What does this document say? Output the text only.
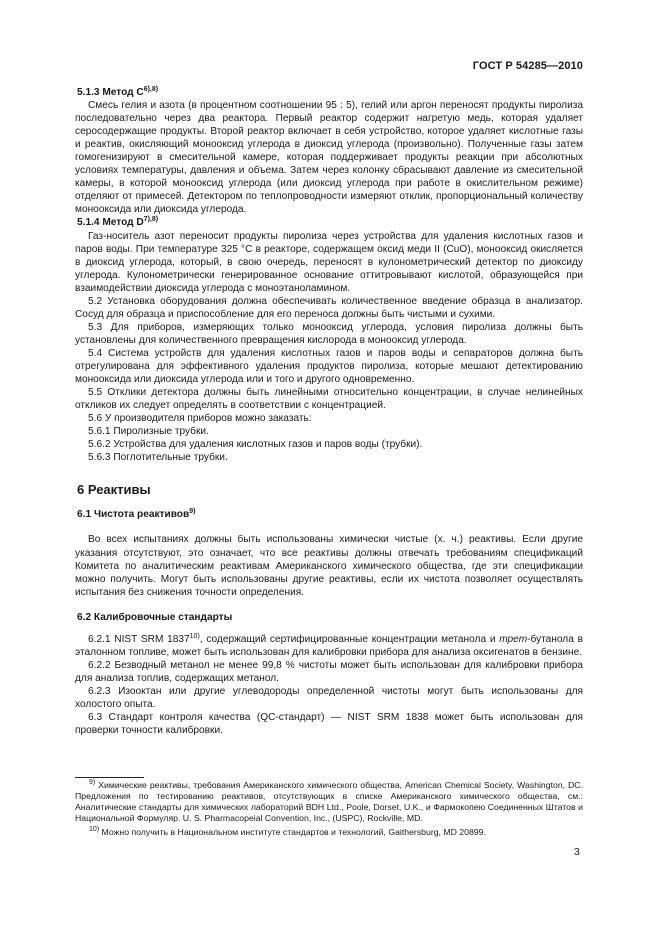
ГОСТ Р 54285—2010

5.1.3 Метод $С^{6),8)}$

Смесь гелия и азота (в процентном соотношении 95 : 5), гелий или аргон переносят продукты пиролиза последовательно через два реактора. Первый реактор содержит нагретую медь, которая удаляет серосодержащие продукты. Второй реактор включает в себя устройство, которое удаляет кислотные газы и реактив, окисляющий монооксид углерода в диоксид углерода (произвольно). Полученные газы затем гомогенизируют в смесительной камере, которая поддерживает продукты реакции при абсолютных условиях температуры, давления и объема. Затем через колонку сбрасывают давление из смесительной камеры, в которой монооксид углерода (или диоксид углерода при работе в окислительном режиме) отделяют от примесей. Детектором по теплопроводности измеряют отклик, пропорциональный количеству монооксида или диоксида углерода.

5.1.4 Метод $D^{7),8)}$

Газ-носитель азот переносит продукты пиролиза через устройства для удаления кислотных газов и паров воды. При температуре 325 °С в реакторе, содержащем оксид меди II (CuO), монооксид окисляется в диоксид углерода, который, в свою очередь, переносят в кулонометрический детектор по диоксиду углерода. Кулонометрически генерированное основание оттитровывают кислотой, образующейся при взаимодействии диоксида углерода с моноэтаноламином.

5.2 Установка оборудования должна обеспечивать количественное введение образца в анализатор. Сосуд для образца и приспособление для его переноса должны быть чистыми и сухими.

5.3 Для приборов, измеряющих только монооксид углерода, условия пиролиза должны быть установлены для количественного превращения кислорода в монооксид углерода.

5.4 Система устройств для удаления кислотных газов и паров воды и сепараторов должна быть отрегулирована для эффективного удаления продуктов пиролиза, которые мешают детектированию монооксида или диоксида углерода или и того и другого одновременно.

5.5 Отклики детектора должны быть линейными относительно концентрации, в случае нелинейных откликов их следует определять в соответствии с концентрацией.

5.6 У производителя приборов можно заказать:

5.6.1 Пиролизные трубки.

5.6.2 Устройства для удаления кислотных газов и паров воды (трубки).

5.6.3 Поглотительные трубки.

6 Реактивы

6.1 Чистота реактивов$^{9)}$

Во всех испытаниях должны быть использованы химически чистые (х. ч.) реактивы. Если другие указания отсутствуют, это означает, что все реактивы должны отвечать требованиям спецификаций Комитета по аналитическим реактивам Американского химического общества, где эти спецификации можно получить. Могут быть использованы другие реактивы, если их чистота позволяет осуществлять испытания без снижения точности определения.

6.2 Калибровочные стандарты

6.2.1 NIST SRM 1837$^{10)}$, содержащий сертифицированные концентрации метанола и трет-бутанола в эталонном топливе, может быть использован для калибровки прибора для анализа оксигенатов в бензине.

6.2.2 Безводный метанол не менее 99,8 % чистоты может быть использован для калибровки прибора для анализа топлив, содержащих метанол.

6.2.3 Изооктан или другие углеводороды определенной чистоты могут быть использованы для холостого опыта.

6.3 Стандарт контроля качества (QC-стандарт) — NIST SRM 1838 может быть использован для проверки точности калибровки.

$^{9)}$ Химические реактивы, требования Американского химического общества, American Chemical Society, Washington, DC. Предложения по тестированию реактивов, отсутствующих в списке Американского химического общества, см.: Аналитические стандарты для химических лабораторий BDH Ltd., Poole, Dorset, U.K., и Фармокопею Соединенных Штатов и Национальной Формуляр. U. S. Pharmacopeial Convention, Inc., (USPC), Rockville, MD.

$^{10)}$ Можно получить в Национальном институте стандартов и технологий, Gaithersburg, MD 20899.

3
